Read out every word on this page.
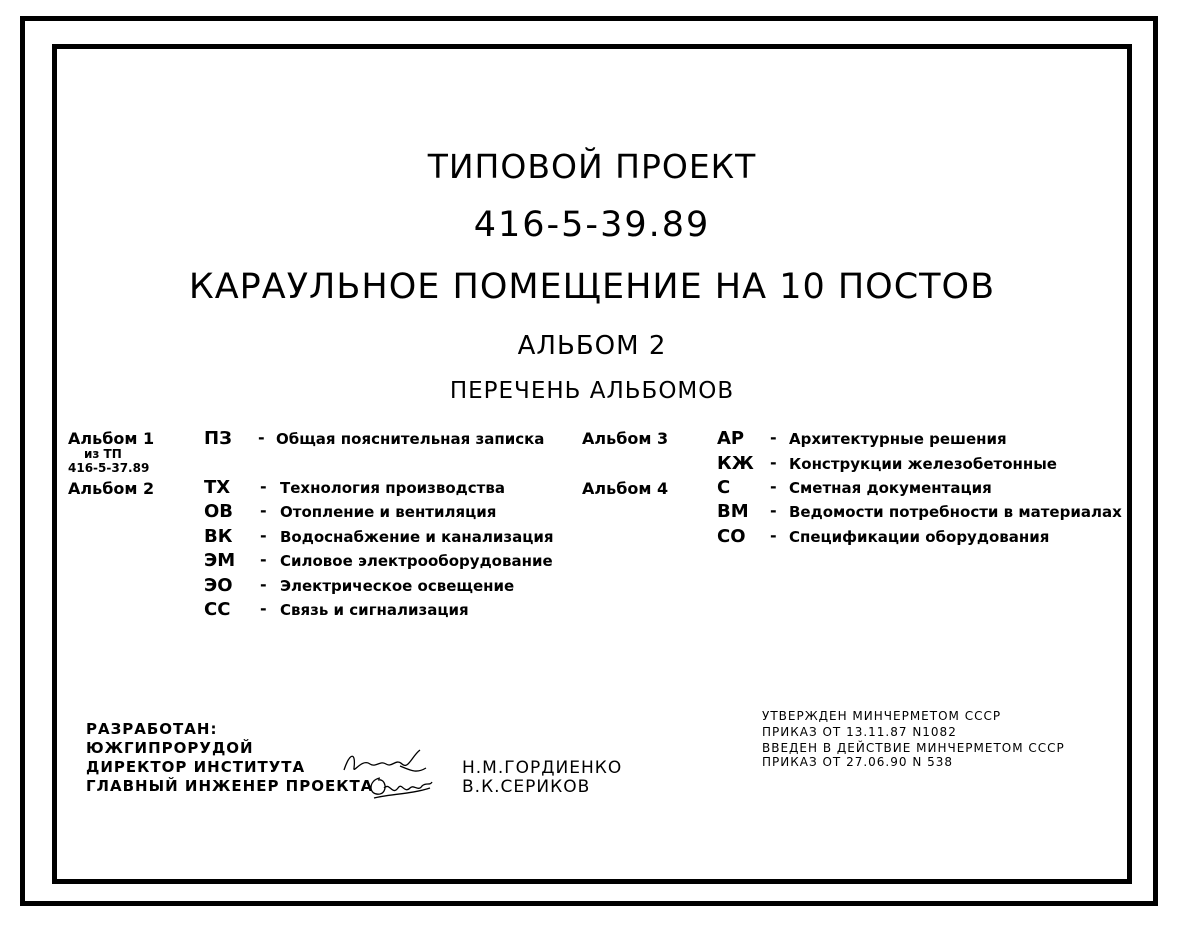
ТИПОВОЙ ПРОЕКТ
416-5-39.89
КАРАУЛЬНОЕ ПОМЕЩЕНИЕ НА 10 ПОСТОВ
АЛЬБОМ 2
ПЕРЕЧЕНЬ АЛЬБОМОВ
Альбом 1
из ТП
416-5-37.89
Альбом 2
ПЗ - Общая пояснительная записка
ТХ - Технология производства
ОВ - Отопление и вентиляция
ВК - Водоснабжение и канализация
ЭМ - Силовое электрооборудование
ЭО - Электрическое освещение
СС - Связь и сигнализация
Альбом 3
Альбом 4
АР - Архитектурные решения
КЖ - Конструкции железобетонные
С - Сметная документация
ВМ - Ведомости потребности в материалах
СО - Спецификации оборудования
РАЗРАБОТАН:
ЮЖГИПРОРУДОЙ
ДИРЕКТОР ИНСТИТУТА
ГЛАВНЫЙ ИНЖЕНЕР ПРОЕКТА
Н.М.ГОРДИЕНКО
В.К.СЕРИКОВ
УТВЕРЖДЕН МИНЧЕРМЕТОМ СССР
ПРИКАЗ ОТ 13.11.87 N1082
ВВЕДЕН В ДЕЙСТВИЕ МИНЧЕРМЕТОМ СССР
ПРИКАЗ ОТ 27.06.90 N 538
